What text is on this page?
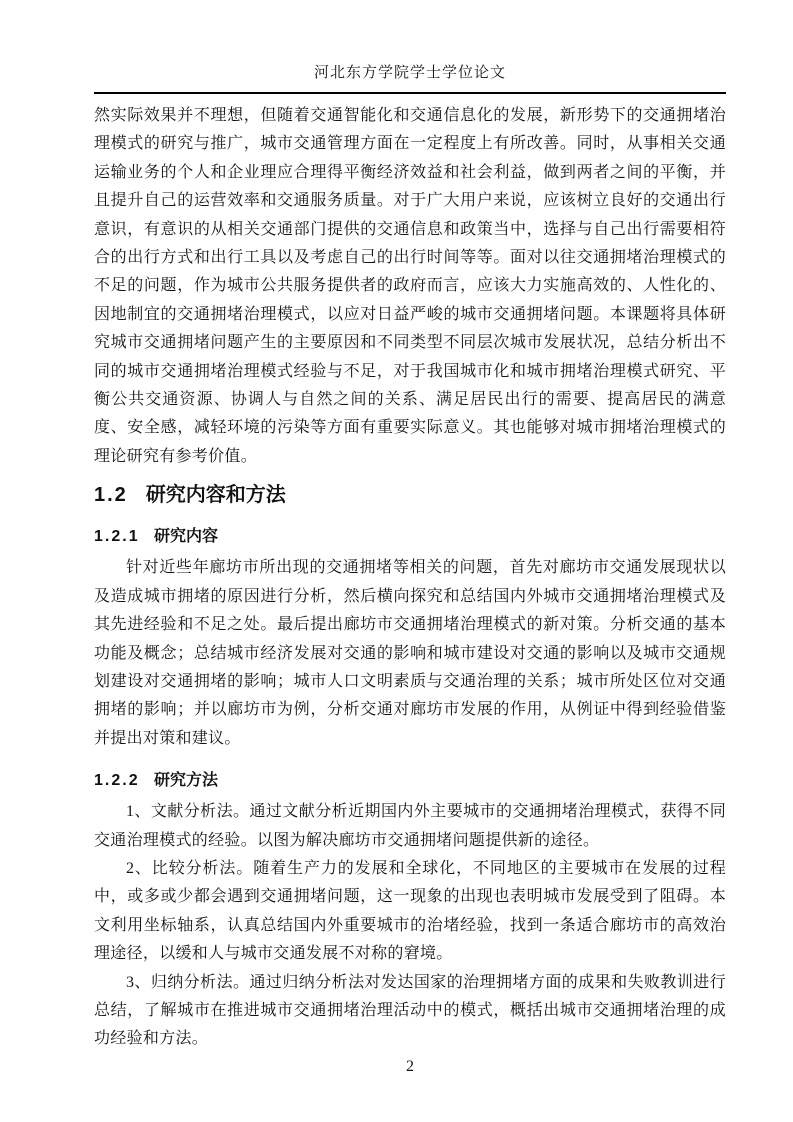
河北东方学院学士学位论文

然实际效果并不理想，但随着交通智能化和交通信息化的发展，新形势下的交通拥堵治理模式的研究与推广，城市交通管理方面在一定程度上有所改善。同时，从事相关交通运输业务的个人和企业理应合理得平衡经济效益和社会利益，做到两者之间的平衡，并且提升自己的运营效率和交通服务质量。对于广大用户来说，应该树立良好的交通出行意识，有意识的从相关交通部门提供的交通信息和政策当中，选择与自己出行需要相符合的出行方式和出行工具以及考虑自己的出行时间等等。面对以往交通拥堵治理模式的不足的问题，作为城市公共服务提供者的政府而言，应该大力实施高效的、人性化的、因地制宜的交通拥堵治理模式，以应对日益严峻的城市交通拥堵问题。本课题将具体研究城市交通拥堵问题产生的主要原因和不同类型不同层次城市发展状况，总结分析出不同的城市交通拥堵治理模式经验与不足，对于我国城市化和城市拥堵治理模式研究、平衡公共交通资源、协调人与自然之间的关系、满足居民出行的需要、提高居民的满意度、安全感，减轻环境的污染等方面有重要实际意义。其也能够对城市拥堵治理模式的理论研究有参考价值。

1.2 研究内容和方法
1.2.1 研究内容

针对近些年廊坊市所出现的交通拥堵等相关的问题，首先对廊坊市交通发展现状以及造成城市拥堵的原因进行分析，然后横向探究和总结国内外城市交通拥堵治理模式及其先进经验和不足之处。最后提出廊坊市交通拥堵治理模式的新对策。分析交通的基本功能及概念；总结城市经济发展对交通的影响和城市建设对交通的影响以及城市交通规划建设对交通拥堵的影响；城市人口文明素质与交通治理的关系；城市所处区位对交通拥堵的影响；并以廊坊市为例，分析交通对廊坊市发展的作用，从例证中得到经验借鉴并提出对策和建议。

1.2.2 研究方法

1、文献分析法。通过文献分析近期国内外主要城市的交通拥堵治理模式，获得不同交通治理模式的经验。以图为解决廊坊市交通拥堵问题提供新的途径。

2、比较分析法。随着生产力的发展和全球化，不同地区的主要城市在发展的过程中，或多或少都会遇到交通拥堵问题，这一现象的出现也表明城市发展受到了阻碍。本文利用坐标轴系，认真总结国内外重要城市的治堵经验，找到一条适合廊坊市的高效治理途径，以缓和人与城市交通发展不对称的窘境。

3、归纳分析法。通过归纳分析法对发达国家的治理拥堵方面的成果和失败教训进行总结，了解城市在推进城市交通拥堵治理活动中的模式，概括出城市交通拥堵治理的成功经验和方法。

2
